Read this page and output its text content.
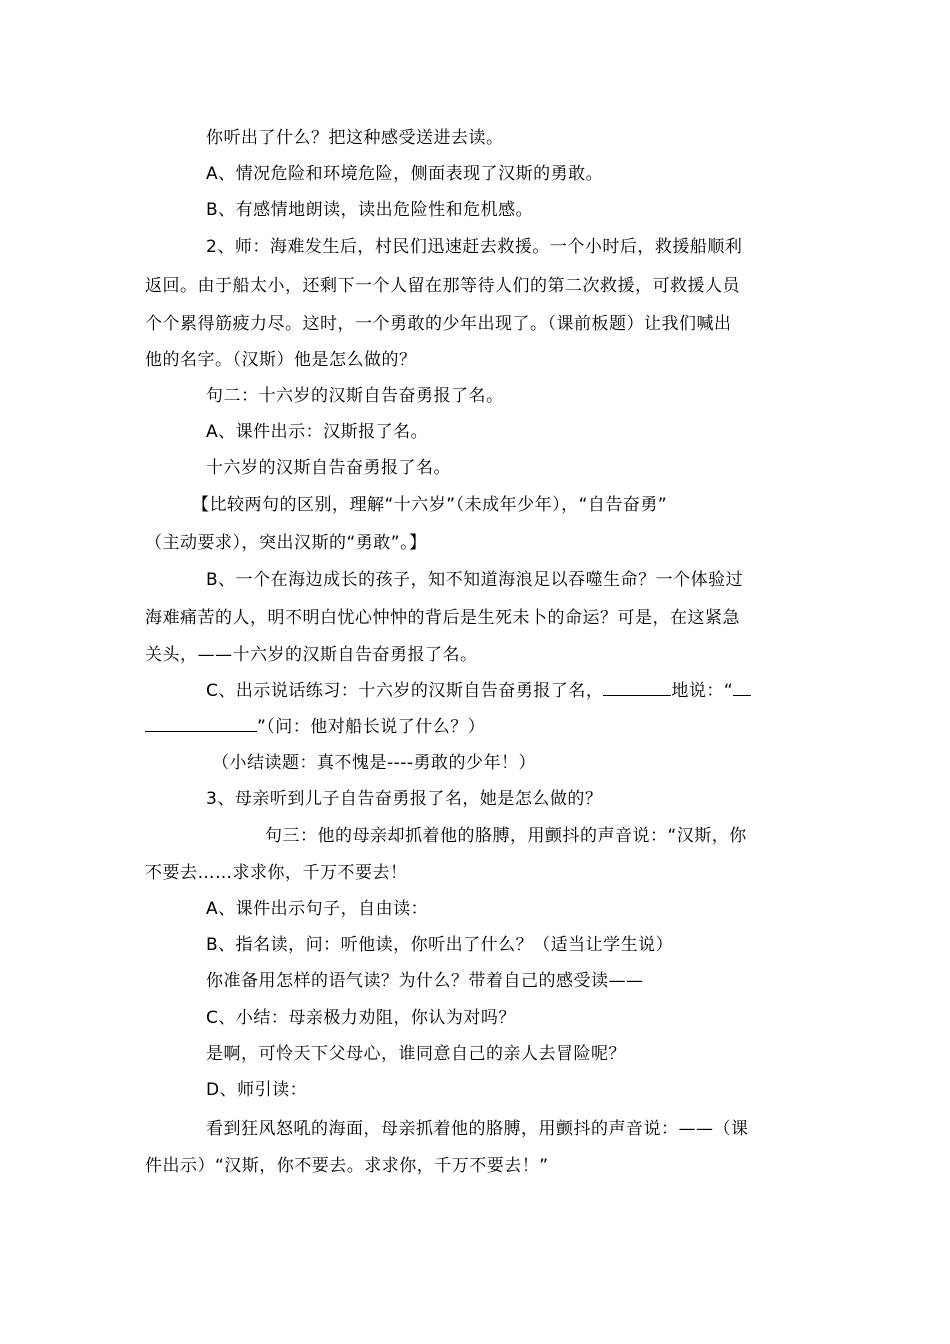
你听出了什么？把这种感受送进去读。
A、情况危险和环境危险，侧面表现了汉斯的勇敢。
B、有感情地朗读，读出危险性和危机感。
2、师：海难发生后，村民们迅速赶去救援。一个小时后，救援船顺利
返回。由于船太小，还剩下一个人留在那等待人们的第二次救援，可救援人员
个个累得筋疲力尽。这时，一个勇敢的少年出现了。（课前板题）让我们喊出
他的名字。（汉斯）他是怎么做的？
句二：十六岁的汉斯自告奋勇报了名。
A、课件出示：汉斯报了名。
十六岁的汉斯自告奋勇报了名。
【比较两句的区别，理解“十六岁”（未成年少年），“自告奋勇”
（主动要求），突出汉斯的“勇敢”。】
B、一个在海边成长的孩子，知不知道海浪足以吞噬生命？一个体验过
海难痛苦的人，明不明白忧心忡忡的背后是生死未卜的命运？可是，在这紧急
关头，——十六岁的汉斯自告奋勇报了名。
C、出示说话练习：十六岁的汉斯自告奋勇报了名，	地说：“
”（问：他对船长说了什么？）
（小结读题：真不愧是----勇敢的少年！）
3、母亲听到儿子自告奋勇报了名，她是怎么做的？
句三：他的母亲却抓着他的胳膊，用颤抖的声音说：“汉斯，你
不要去……求求你，千万不要去！
A、课件出示句子，自由读：
B、指名读，问：听他读，你听出了什么？（适当让学生说）
你准备用怎样的语气读？为什么？带着自己的感受读——
C、小结：母亲极力劝阻，你认为对吗？
是啊，可怜天下父母心，谁同意自己的亲人去冒险呢？
D、师引读：
看到狂风怒吼的海面，母亲抓着他的胳膊，用颤抖的声音说：——（课
件出示）“汉斯，你不要去。求求你，千万不要去！”
